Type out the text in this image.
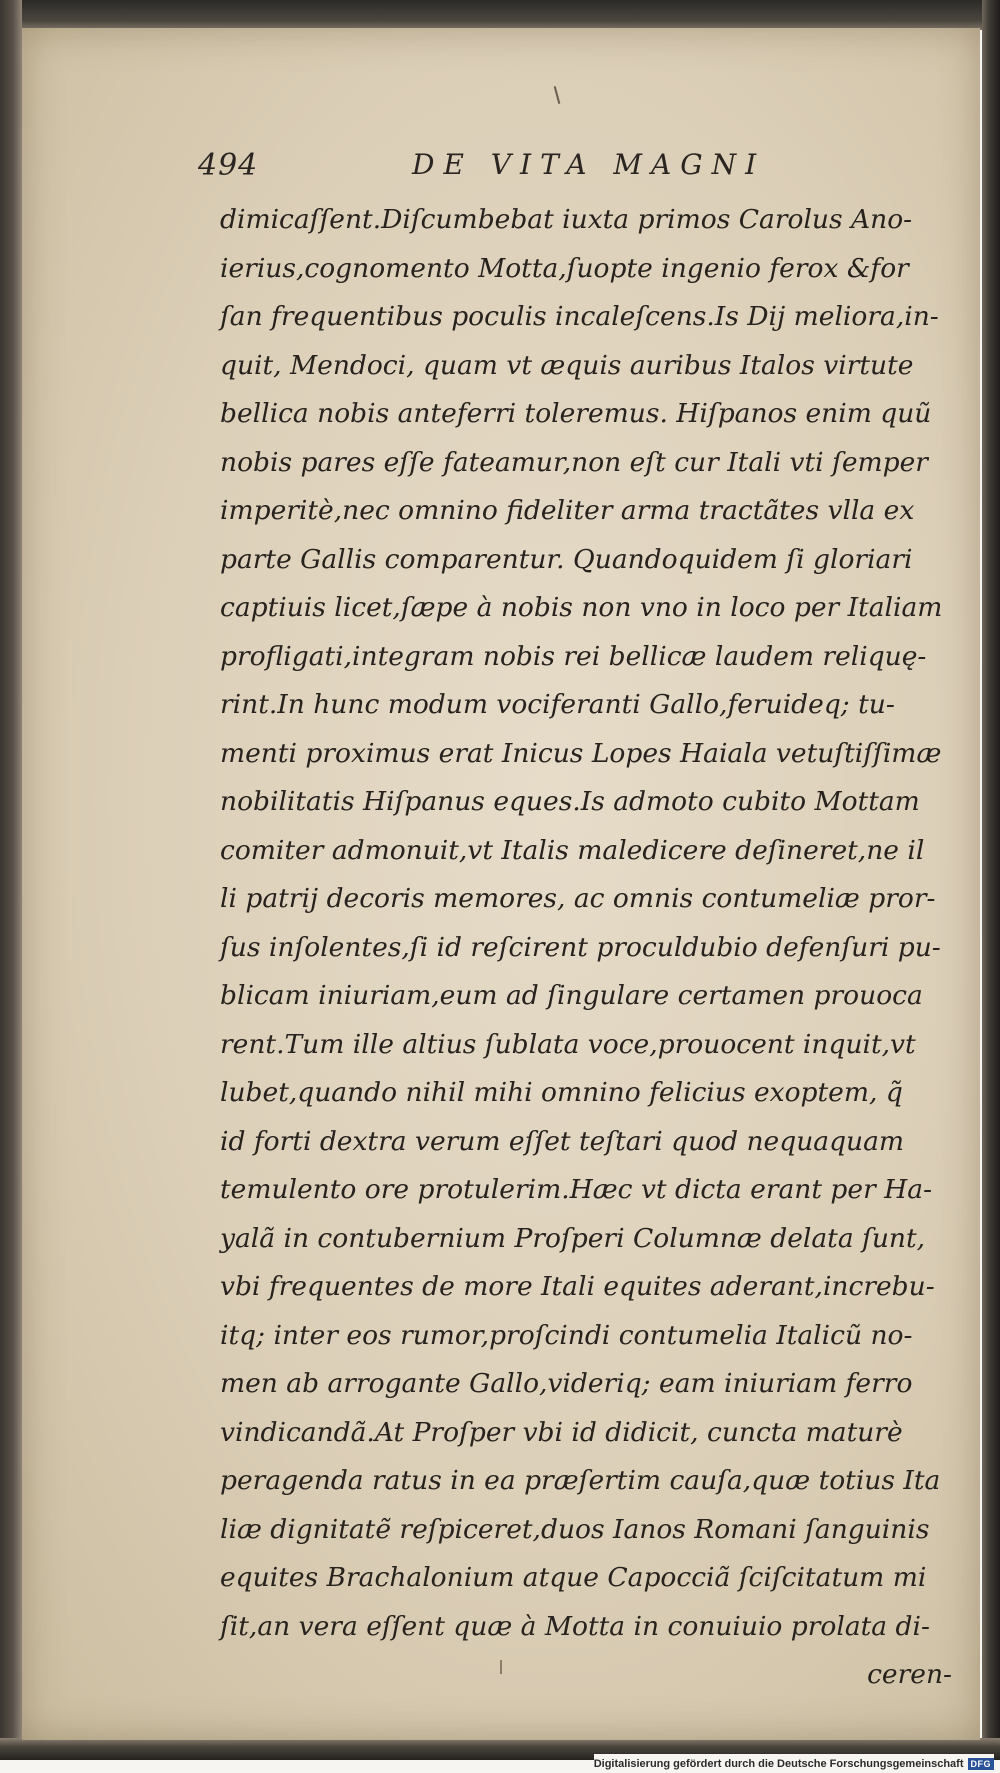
494	DE VITA MAGNI
dimicaſſent.Diſcumbebat iuxta primos Carolus Ano-
ierius,cognomento Motta,ſuopte ingenio ferox &for
ſan frequentibus poculis incaleſcens.Is Dij meliora,in-
quit, Mendoci, quam vt æquis auribus Italos virtute
bellica nobis anteferri toleremus. Hiſpanos enim quũ
nobis pares eſſe fateamur,non eſt cur Itali vti ſemper
imperitè,nec omnino fideliter arma tractãtes vlla ex
parte Gallis comparentur. Quandoquidem ſi gloriari
captiuis licet,ſæpe à nobis non vno in loco per Italiam
profligati,integram nobis rei bellicæ laudem reliquę-
rint.In hunc modum vociferanti Gallo,feruideq; tu-
menti proximus erat Inicus Lopes Haiala vetuſtiſſimæ
nobilitatis Hiſpanus eques.Is admoto cubito Mottam
comiter admonuit,vt Italis maledicere deſineret,ne il
li patrij decoris memores, ac omnis contumeliæ pror-
ſus inſolentes,ſi id reſcirent proculdubio defenſuri pu-
blicam iniuriam,eum ad ſingulare certamen prouoca
rent.Tum ille altius ſublata voce,prouocent inquit,vt
lubet,quando nihil mihi omnino felicius exoptem, q̃
id forti dextra verum eſſet teſtari quod nequaquam
temulento ore protulerim.Hæc vt dicta erant per Ha-
yalã in contubernium Proſperi Columnæ delata ſunt,
vbi frequentes de more Itali equites aderant,increbu-
itq; inter eos rumor,proſcindi contumelia Italicũ no-
men ab arrogante Gallo,videriq; eam iniuriam ferro
vindicandã.At Proſper vbi id didicit, cuncta maturè
peragenda ratus in ea præſertim cauſa,quæ totius Ita
liæ dignitatẽ reſpiceret,duos Ianos Romani ſanguinis
equites Brachalonium atque Capocciã ſciſcitatum mi
ſit,an vera eſſent quæ à Motta in conuiuio prolata di-
ceren-
Digitalisierung gefördert durch die Deutsche Forschungsgemeinschaft DFG
